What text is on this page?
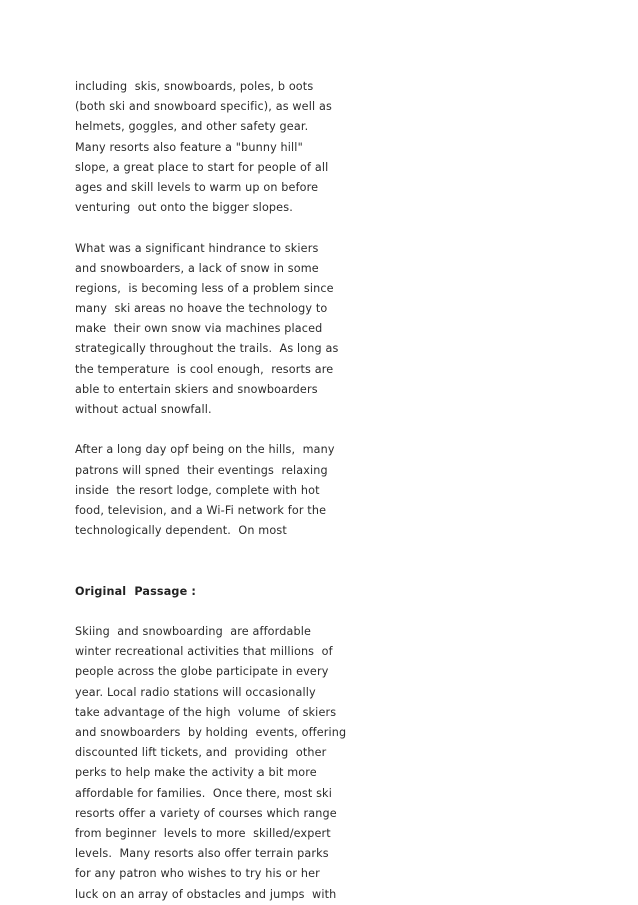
including  skis, snowboards, poles, b oots
(both ski and snowboard specific), as well as
helmets, goggles, and other safety gear.
Many resorts also feature a "bunny hill"
slope, a great place to start for people of all
ages and skill levels to warm up on before
venturing  out onto the bigger slopes.
What was a significant hindrance to skiers
and snowboarders, a lack of snow in some
regions,  is becoming less of a problem since
many  ski areas no hoave the technology to
make  their own snow via machines placed
strategically throughout the trails.  As long as
the temperature  is cool enough,  resorts are
able to entertain skiers and snowboarders
without actual snowfall.
After a long day opf being on the hills,  many
patrons will spned  their eventings  relaxing
inside  the resort lodge, complete with hot
food, television, and a Wi-Fi network for the
technologically dependent.  On most
Original  Passage :
Skiing  and snowboarding  are affordable
winter recreational activities that millions  of
people across the globe participate in every
year. Local radio stations will occasionally
take advantage of the high  volume  of skiers
and snowboarders  by holding  events, offering
discounted lift tickets, and  providing  other
perks to help make the activity a bit more
affordable for families.  Once there, most ski
resorts offer a variety of courses which range
from beginner  levels to more  skilled/expert
levels.  Many resorts also offer terrain parks
for any patron who wishes to try his or her
luck on an array of obstacles and jumps  with
